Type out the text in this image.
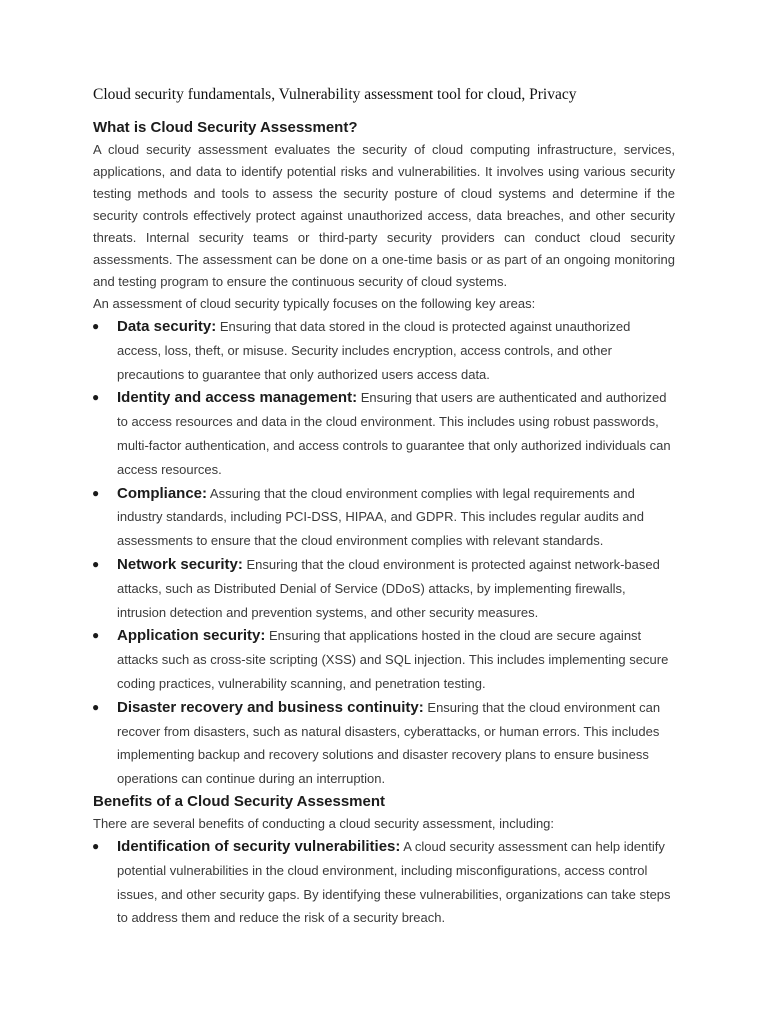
Cloud security fundamentals, Vulnerability assessment tool for cloud, Privacy

What is Cloud Security Assessment?

A cloud security assessment evaluates the security of cloud computing infrastructure, services, applications, and data to identify potential risks and vulnerabilities. It involves using various security testing methods and tools to assess the security posture of cloud systems and determine if the security controls effectively protect against unauthorized access, data breaches, and other security threats. Internal security teams or third-party security providers can conduct cloud security assessments. The assessment can be done on a one-time basis or as part of an ongoing monitoring and testing program to ensure the continuous security of cloud systems.

An assessment of cloud security typically focuses on the following key areas:

● Data security: Ensuring that data stored in the cloud is protected against unauthorized access, loss, theft, or misuse. Security includes encryption, access controls, and other precautions to guarantee that only authorized users access data.
● Identity and access management: Ensuring that users are authenticated and authorized to access resources and data in the cloud environment. This includes using robust passwords, multi-factor authentication, and access controls to guarantee that only authorized individuals can access resources.
● Compliance: Assuring that the cloud environment complies with legal requirements and industry standards, including PCI-DSS, HIPAA, and GDPR. This includes regular audits and assessments to ensure that the cloud environment complies with relevant standards.
● Network security: Ensuring that the cloud environment is protected against network-based attacks, such as Distributed Denial of Service (DDoS) attacks, by implementing firewalls, intrusion detection and prevention systems, and other security measures.
● Application security: Ensuring that applications hosted in the cloud are secure against attacks such as cross-site scripting (XSS) and SQL injection. This includes implementing secure coding practices, vulnerability scanning, and penetration testing.
● Disaster recovery and business continuity: Ensuring that the cloud environment can recover from disasters, such as natural disasters, cyberattacks, or human errors. This includes implementing backup and recovery solutions and disaster recovery plans to ensure business operations can continue during an interruption.
Benefits of a Cloud Security Assessment

There are several benefits of conducting a cloud security assessment, including:

● Identification of security vulnerabilities: A cloud security assessment can help identify potential vulnerabilities in the cloud environment, including misconfigurations, access control issues, and other security gaps. By identifying these vulnerabilities, organizations can take steps to address them and reduce the risk of a security breach.
